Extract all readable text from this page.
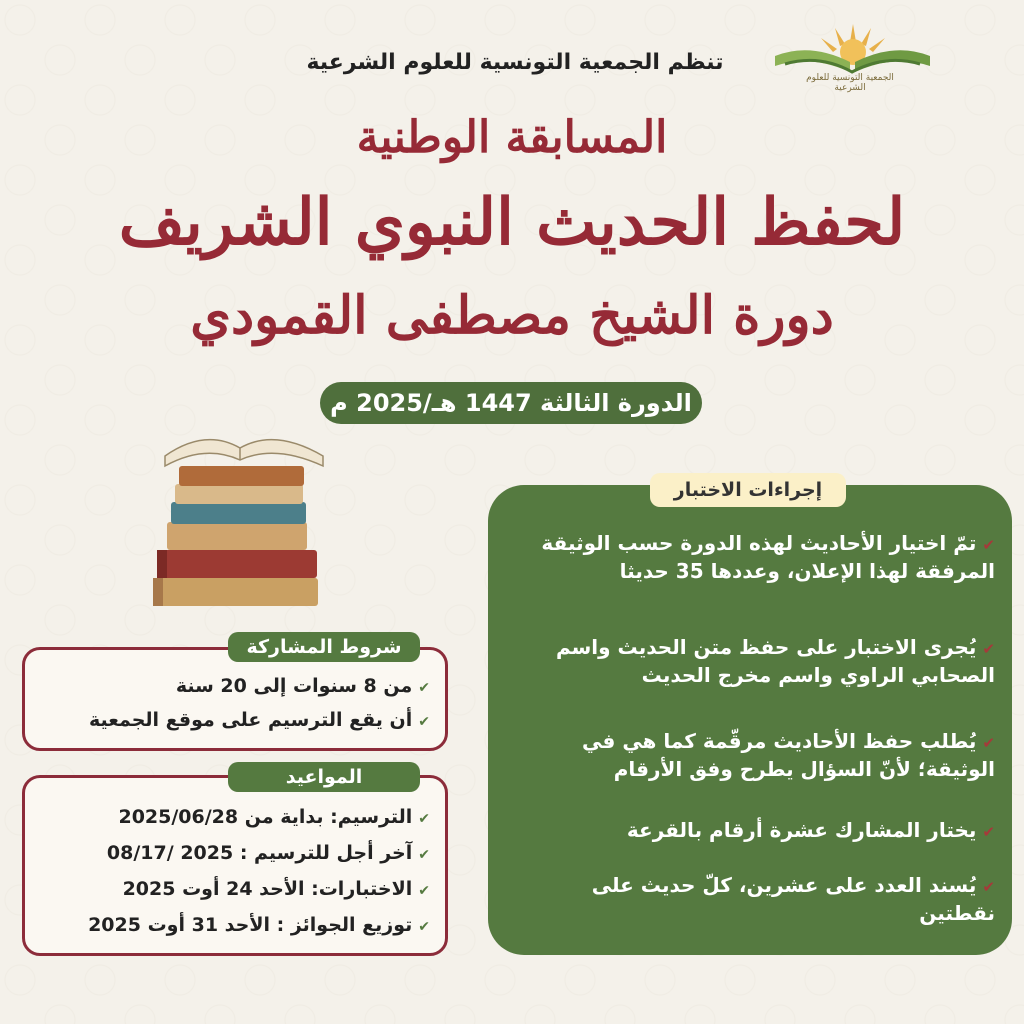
تنظم الجمعية التونسية للعلوم الشرعية
الجمعية التونسية للعلوم الشرعية
المسابقة الوطنية
لحفظ الحديث النبوي الشريف
دورة الشيخ مصطفى القمودي
الدورة الثالثة 1447 هـ/2025 م
إجراءات الاختبار
✔تمّ اختيار الأحاديث لهذه الدورة حسب الوثيقة المرفقة لهذا الإعلان، وعددها 35 حديثا
✔يُجرى الاختبار على حفظ متن الحديث واسم الصحابي الراوي واسم مخرج الحديث
✔يُطلب حفظ الأحاديث مرقّمة كما هي في الوثيقة؛ لأنّ السؤال يطرح وفق الأرقام
✔يختار المشارك عشرة أرقام بالقرعة
✔يُسند العدد على عشرين، كلّ حديث على نقطتين
شروط المشاركة
✔من 8 سنوات إلى 20 سنة
✔أن يقع الترسيم على موقع الجمعية
المواعيد
✔الترسيم: بداية من 2025/06/28
✔آخر أجل للترسيم : 2025 /08/17
✔الاختبارات: الأحد 24 أوت 2025
✔توزيع الجوائز : الأحد 31 أوت 2025
